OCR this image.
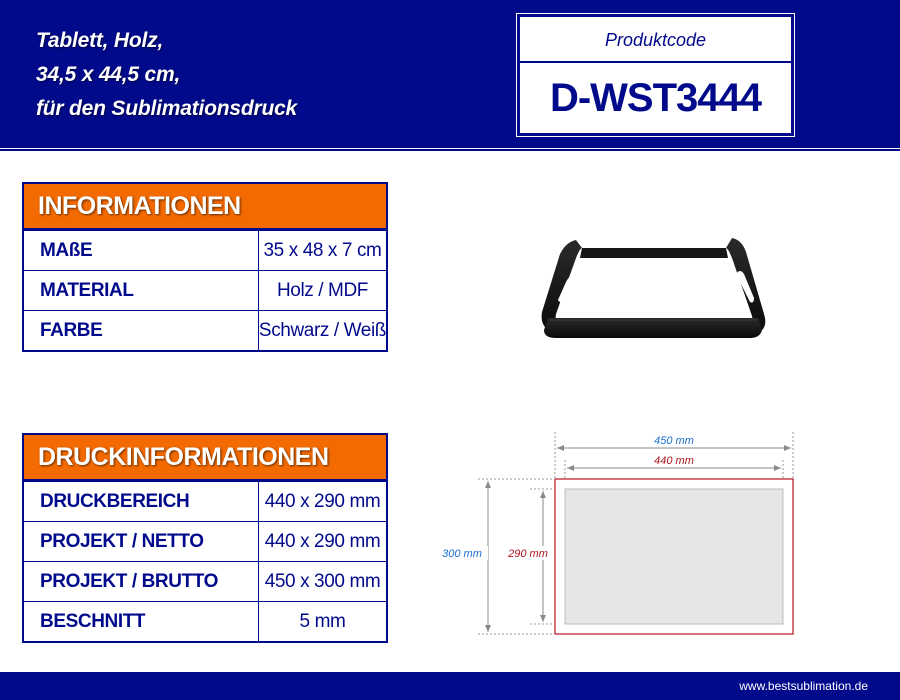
Tablett, Holz,
34,5 x 44,5 cm,
für den Sublimationsdruck
Produktcode
D-WST3444
INFORMATIONEN
MAßE	35 x 48 x 7 cm
MATERIAL	Holz / MDF
FARBE	Schwarz / Weiß
DRUCKINFORMATIONEN
DRUCKBEREICH	440 x 290 mm
PROJEKT / NETTO	440 x 290 mm
PROJEKT / BRUTTO	450 x 300 mm
BESCHNITT	5 mm
450 mm
440 mm
300 mm 290 mm
www.bestsublimation.de
